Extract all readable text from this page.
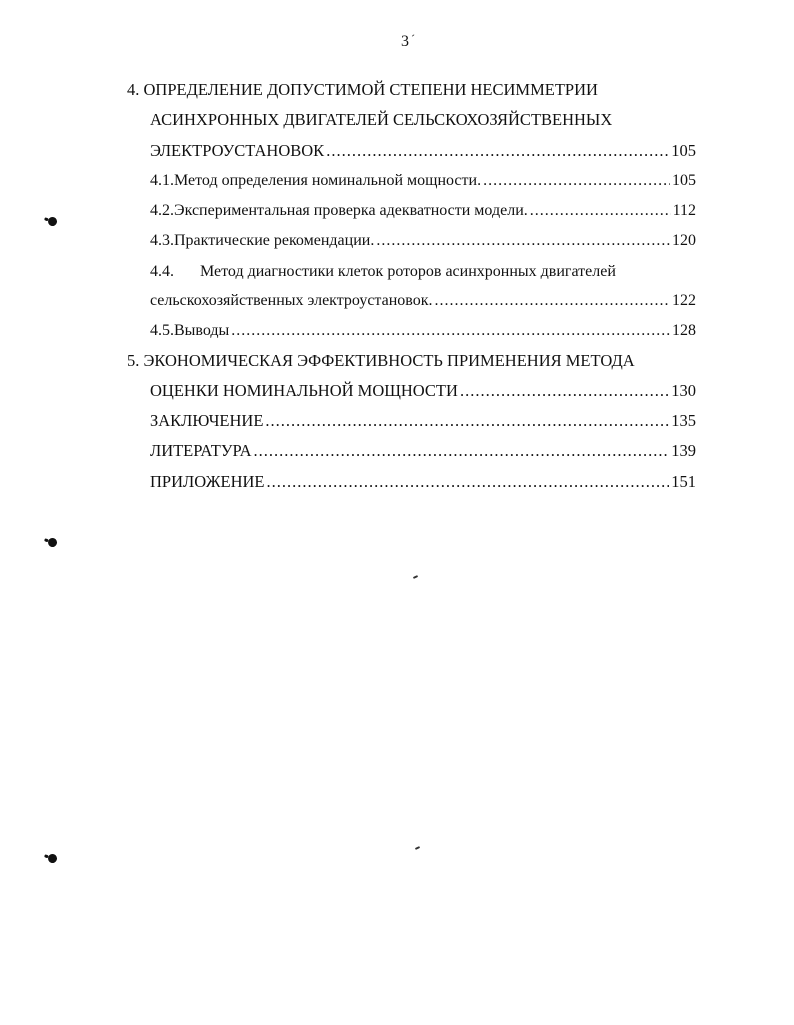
3 ´
4. ОПРЕДЕЛЕНИЕ ДОПУСТИМОЙ СТЕПЕНИ НЕСИММЕТРИИ
АСИНХРОННЫХ ДВИГАТЕЛЕЙ СЕЛЬСКОХОЗЯЙСТВЕННЫХ
ЭЛЕКТРОУСТАНОВОК .....	105
4.1. Метод определения номинальной мощности. .....	105
4.2. Экспериментальная проверка адекватности модели. .....	112
4.3. Практические рекомендации. .....	120
4.4. Метод диагностики клеток роторов асинхронных двигателей
сельскохозяйственных электроустановок. .....	122
4.5. Выводы .....	128
5. ЭКОНОМИЧЕСКАЯ ЭФФЕКТИВНОСТЬ ПРИМЕНЕНИЯ МЕТОДА
ОЦЕНКИ НОМИНАЛЬНОЙ МОЩНОСТИ .....	130
ЗАКЛЮЧЕНИЕ .....	135
ЛИТЕРАТУРА .....	139
ПРИЛОЖЕНИЕ .....	151
